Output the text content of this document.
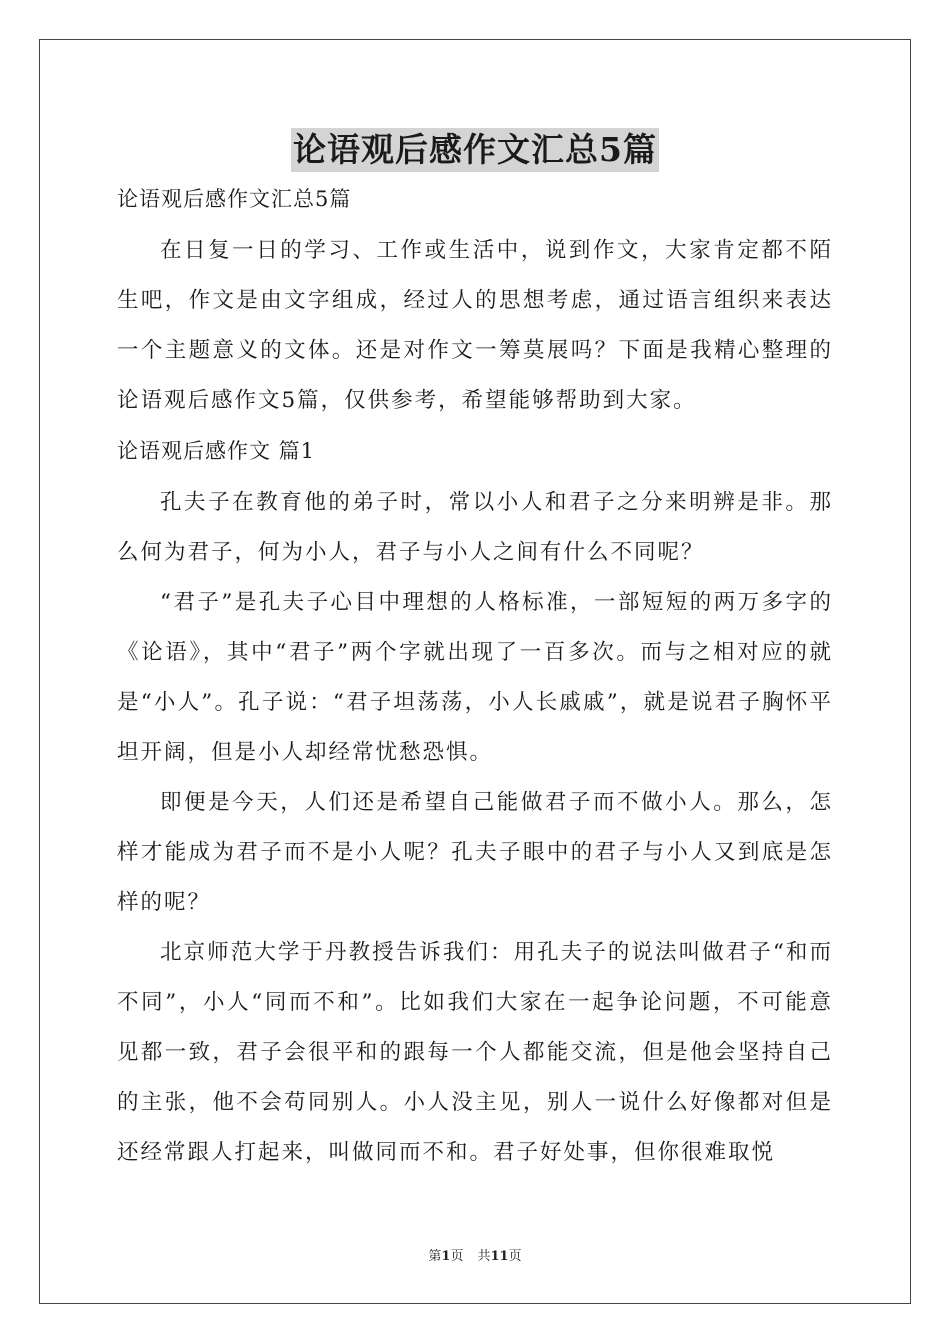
论语观后感作文汇总5篇

论语观后感作文汇总5篇

在日复一日的学习、工作或生活中，说到作文，大家肯定都不陌生吧，作文是由文字组成，经过人的思想考虑，通过语言组织来表达一个主题意义的文体。还是对作文一筹莫展吗？下面是我精心整理的论语观后感作文5篇，仅供参考，希望能够帮助到大家。

论语观后感作文 篇1

孔夫子在教育他的弟子时，常以小人和君子之分来明辨是非。那么何为君子，何为小人，君子与小人之间有什么不同呢？

“君子”是孔夫子心目中理想的人格标准，一部短短的两万多字的《论语》，其中“君子”两个字就出现了一百多次。而与之相对应的就是“小人”。孔子说：“君子坦荡荡，小人长戚戚”，就是说君子胸怀平坦开阔，但是小人却经常忧愁恐惧。

即便是今天，人们还是希望自己能做君子而不做小人。那么，怎样才能成为君子而不是小人呢？孔夫子眼中的君子与小人又到底是怎样的呢？

北京师范大学于丹教授告诉我们：用孔夫子的说法叫做君子“和而不同”，小人“同而不和”。比如我们大家在一起争论问题，不可能意见都一致，君子会很平和的跟每一个人都能交流，但是他会坚持自己的主张，他不会苟同别人。小人没主见，别人一说什么好像都对但是还经常跟人打起来，叫做同而不和。君子好处事，但你很难取悦

第1页 共11页
